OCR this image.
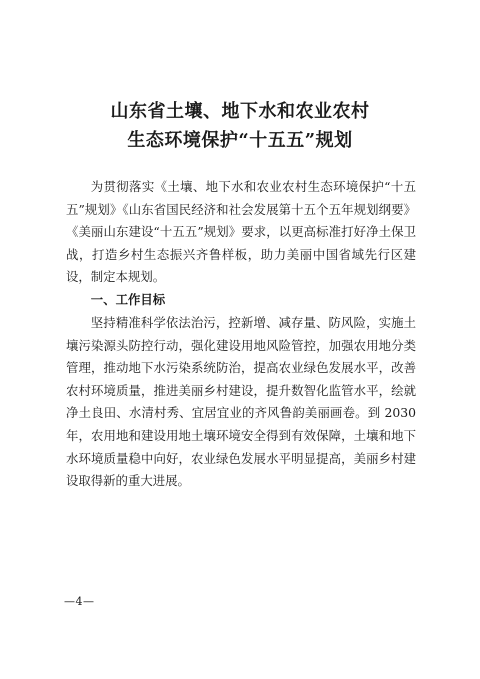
山东省土壤、地下水和农业农村
生态环境保护“十五五”规划

为贯彻落实《土壤、地下水和农业农村生态环境保护“十五五”规划》《山东省国民经济和社会发展第十五个五年规划纲要》《美丽山东建设“十五五”规划》要求，以更高标准打好净土保卫战，打造乡村生态振兴齐鲁样板，助力美丽中国省域先行区建设，制定本规划。

一、工作目标

坚持精准科学依法治污，控新增、减存量、防风险，实施土壤污染源头防控行动，强化建设用地风险管控，加强农用地分类管理，推动地下水污染系统防治，提高农业绿色发展水平，改善农村环境质量，推进美丽乡村建设，提升数智化监管水平，绘就净土良田、水清村秀、宜居宜业的齐风鲁韵美丽画卷。到 2030 年，农用地和建设用地土壤环境安全得到有效保障，土壤和地下水环境质量稳中向好，农业绿色发展水平明显提高，美丽乡村建设取得新的重大进展。

—4—
